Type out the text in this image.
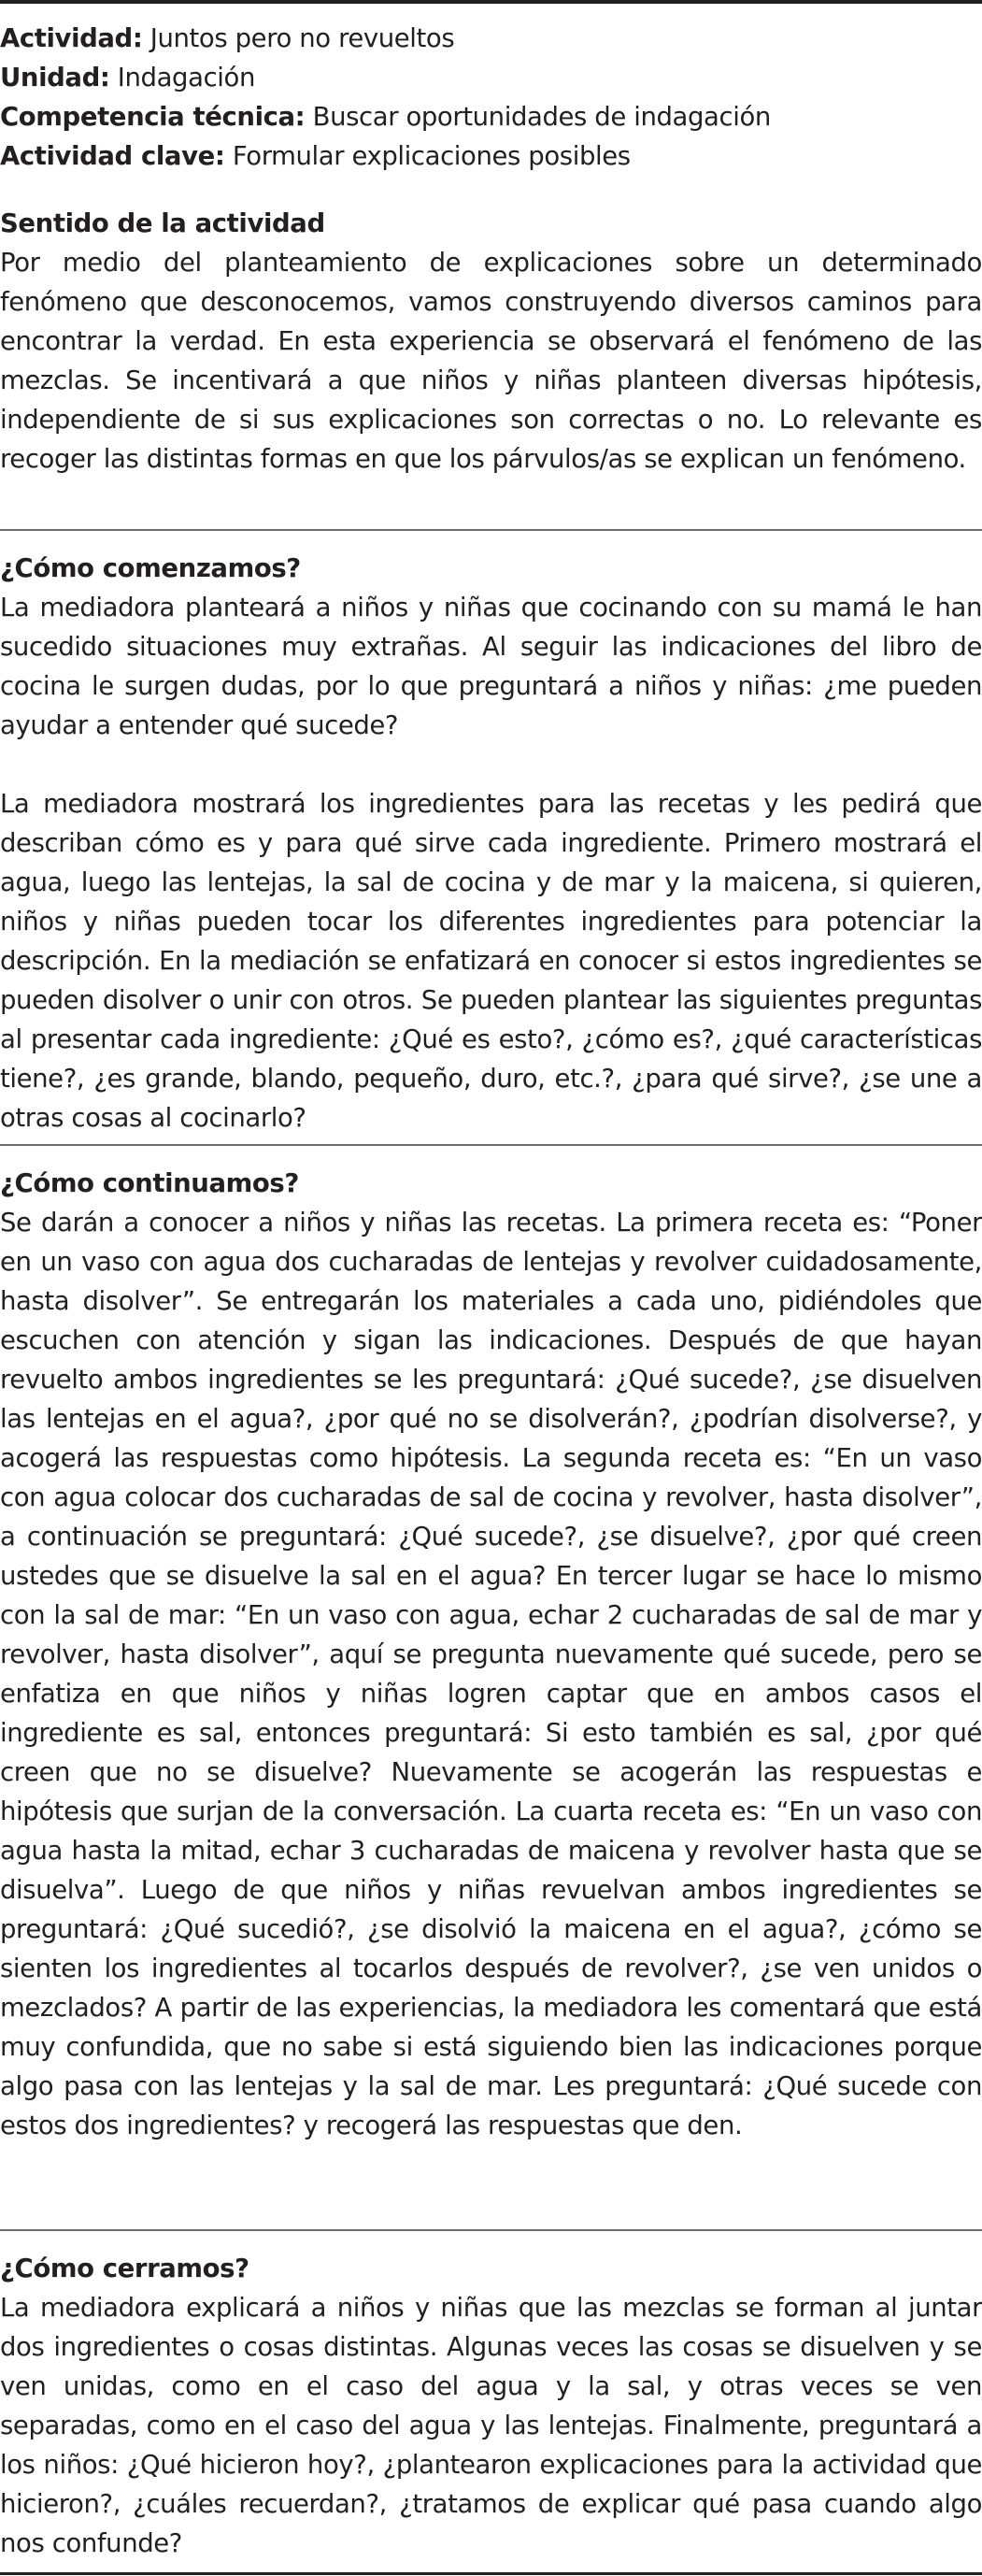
Actividad: Juntos pero no revueltos

Unidad: Indagación

Competencia técnica: Buscar oportunidades de indagación

Actividad clave: Formular explicaciones posibles

Sentido de la actividad

Por medio del planteamiento de explicaciones sobre un determinado fenómeno que desconocemos, vamos construyendo diversos caminos para encontrar la verdad. En esta experiencia se observará el fenómeno de las mezclas. Se incentivará a que niños y niñas planteen diversas hipótesis, independiente de si sus explicaciones son correctas o no. Lo relevante es recoger las distintas formas en que los párvulos/as se explican un fenómeno.

¿Cómo comenzamos?

La mediadora planteará a niños y niñas que cocinando con su mamá le han sucedido situaciones muy extrañas. Al seguir las indicaciones del libro de cocina le surgen dudas, por lo que preguntará a niños y niñas: ¿me pueden ayudar a entender qué sucede?

La mediadora mostrará los ingredientes para las recetas y les pedirá que describan cómo es y para qué sirve cada ingrediente. Primero mostrará el agua, luego las lentejas, la sal de cocina y de mar y la maicena, si quieren, niños y niñas pueden tocar los diferentes ingredientes para potenciar la descripción. En la mediación se enfatizará en conocer si estos ingredientes se pueden disolver o unir con otros. Se pueden plantear las siguientes preguntas al presentar cada ingrediente: ¿Qué es esto?, ¿cómo es?, ¿qué características tiene?, ¿es grande, blando, pequeño, duro, etc.?, ¿para qué sirve?, ¿se une a otras cosas al cocinarlo?

¿Cómo continuamos?

Se darán a conocer a niños y niñas las recetas. La primera receta es: “Poner en un vaso con agua dos cucharadas de lentejas y revolver cuidadosamente, hasta disolver”. Se entregarán los materiales a cada uno, pidiéndoles que escuchen con atención y sigan las indicaciones. Después de que hayan revuelto ambos ingredientes se les preguntará: ¿Qué sucede?, ¿se disuelven las lentejas en el agua?, ¿por qué no se disolverán?, ¿podrían disolverse?, y acogerá las respuestas como hipótesis. La segunda receta es: “En un vaso con agua colocar dos cucharadas de sal de cocina y revolver, hasta disolver”, a continuación se preguntará: ¿Qué sucede?, ¿se disuelve?, ¿por qué creen ustedes que se disuelve la sal en el agua? En tercer lugar se hace lo mismo con la sal de mar: “En un vaso con agua, echar 2 cucharadas de sal de mar y revolver, hasta disolver”, aquí se pregunta nuevamente qué sucede, pero se enfatiza en que niños y niñas logren captar que en ambos casos el ingrediente es sal, entonces preguntará: Si esto también es sal, ¿por qué creen que no se disuelve? Nuevamente se acogerán las respuestas e hipótesis que surjan de la conversación. La cuarta receta es: “En un vaso con agua hasta la mitad, echar 3 cucharadas de maicena y revolver hasta que se disuelva”. Luego de que niños y niñas revuelvan ambos ingredientes se preguntará: ¿Qué sucedió?, ¿se disolvió la maicena en el agua?, ¿cómo se sienten los ingredientes al tocarlos después de revolver?, ¿se ven unidos o mezclados? A partir de las experiencias, la mediadora les comentará que está muy confundida, que no sabe si está siguiendo bien las indicaciones porque algo pasa con las lentejas y la sal de mar. Les preguntará: ¿Qué sucede con estos dos ingredientes? y recogerá las respuestas que den.

¿Cómo cerramos?

La mediadora explicará a niños y niñas que las mezclas se forman al juntar dos ingredientes o cosas distintas. Algunas veces las cosas se disuelven y se ven unidas, como en el caso del agua y la sal, y otras veces se ven separadas, como en el caso del agua y las lentejas. Finalmente, preguntará a los niños: ¿Qué hicieron hoy?, ¿plantearon explicaciones para la actividad que hicieron?, ¿cuáles recuerdan?, ¿tratamos de explicar qué pasa cuando algo nos confunde?
